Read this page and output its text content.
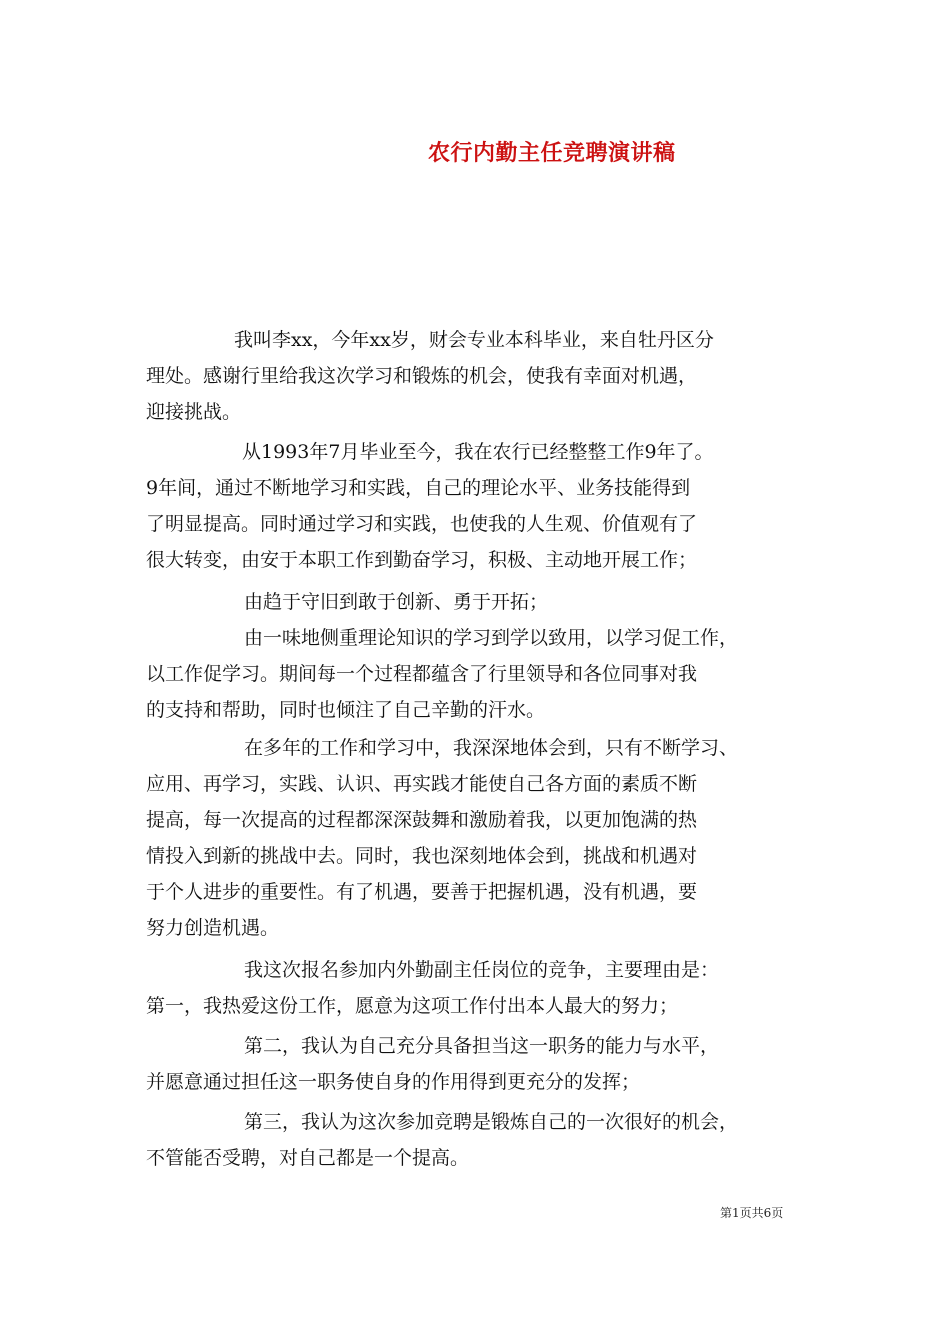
农行内勤主任竞聘演讲稿
我叫李xx，今年xx岁，财会专业本科毕业，来自牡丹区分
理处。感谢行里给我这次学习和锻炼的机会，使我有幸面对机遇，
迎接挑战。
从1993年7月毕业至今，我在农行已经整整工作9年了。
9年间，通过不断地学习和实践，自己的理论水平、业务技能得到
了明显提高。同时通过学习和实践，也使我的人生观、价值观有了
很大转变，由安于本职工作到勤奋学习，积极、主动地开展工作；
由趋于守旧到敢于创新、勇于开拓；
由一味地侧重理论知识的学习到学以致用，以学习促工作，
以工作促学习。期间每一个过程都蕴含了行里领导和各位同事对我
的支持和帮助，同时也倾注了自己辛勤的汗水。
在多年的工作和学习中，我深深地体会到，只有不断学习、
应用、再学习，实践、认识、再实践才能使自己各方面的素质不断
提高，每一次提高的过程都深深鼓舞和激励着我，以更加饱满的热
情投入到新的挑战中去。同时，我也深刻地体会到，挑战和机遇对
于个人进步的重要性。有了机遇，要善于把握机遇，没有机遇，要
努力创造机遇。
我这次报名参加内外勤副主任岗位的竞争，主要理由是：
第一，我热爱这份工作，愿意为这项工作付出本人最大的努力；
第二，我认为自己充分具备担当这一职务的能力与水平，
并愿意通过担任这一职务使自身的作用得到更充分的发挥；
第三，我认为这次参加竞聘是锻炼自己的一次很好的机会，
不管能否受聘，对自己都是一个提高。
第1页共6页
